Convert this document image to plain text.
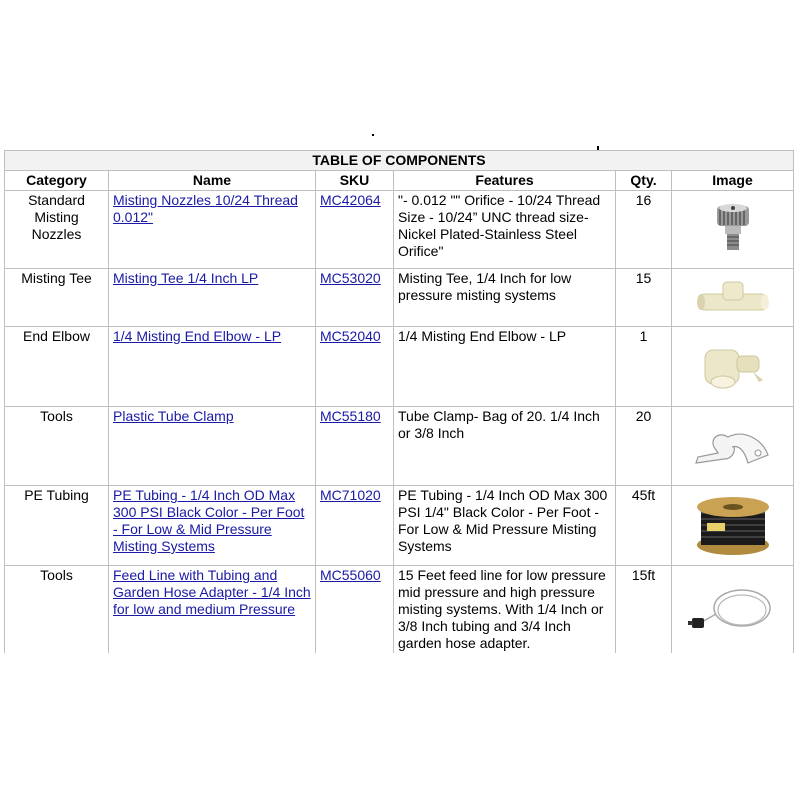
TABLE OF COMPONENTS					
Category	Name	SKU	Features	Qty.	Image
Standard Misting Nozzles	Misting Nozzles 10/24 Thread 0.012"	MC42064	"- 0.012 "" Orifice - 10/24 Thread Size - 10/24” UNC thread size- Nickel Plated-Stainless Steel Orifice"	16	

Misting Tee	Misting Tee 1/4 Inch LP	MC53020	Misting Tee, 1/4 Inch for low pressure misting systems	15	

End Elbow	1/4 Misting End Elbow - LP	MC52040	1/4 Misting End Elbow - LP	1	

Tools	Plastic Tube Clamp	MC55180	Tube Clamp- Bag of 20. 1/4 Inch or 3/8 Inch	20	

PE Tubing	PE Tubing - 1/4 Inch OD Max 300 PSI Black Color - Per Foot - For Low & Mid Pressure Misting Systems	MC71020	PE Tubing - 1/4 Inch OD Max 300 PSI 1/4" Black Color - Per Foot - For Low & Mid Pressure Misting Systems	45ft	

Tools	Feed Line with Tubing and Garden Hose Adapter - 1/4 Inch for low and medium Pressure	MC55060	15 Feet feed line for low pressure mid pressure and high pressure misting systems. With 1/4 Inch or 3/8 Inch tubing and 3/4 Inch garden hose adapter.	15ft	
